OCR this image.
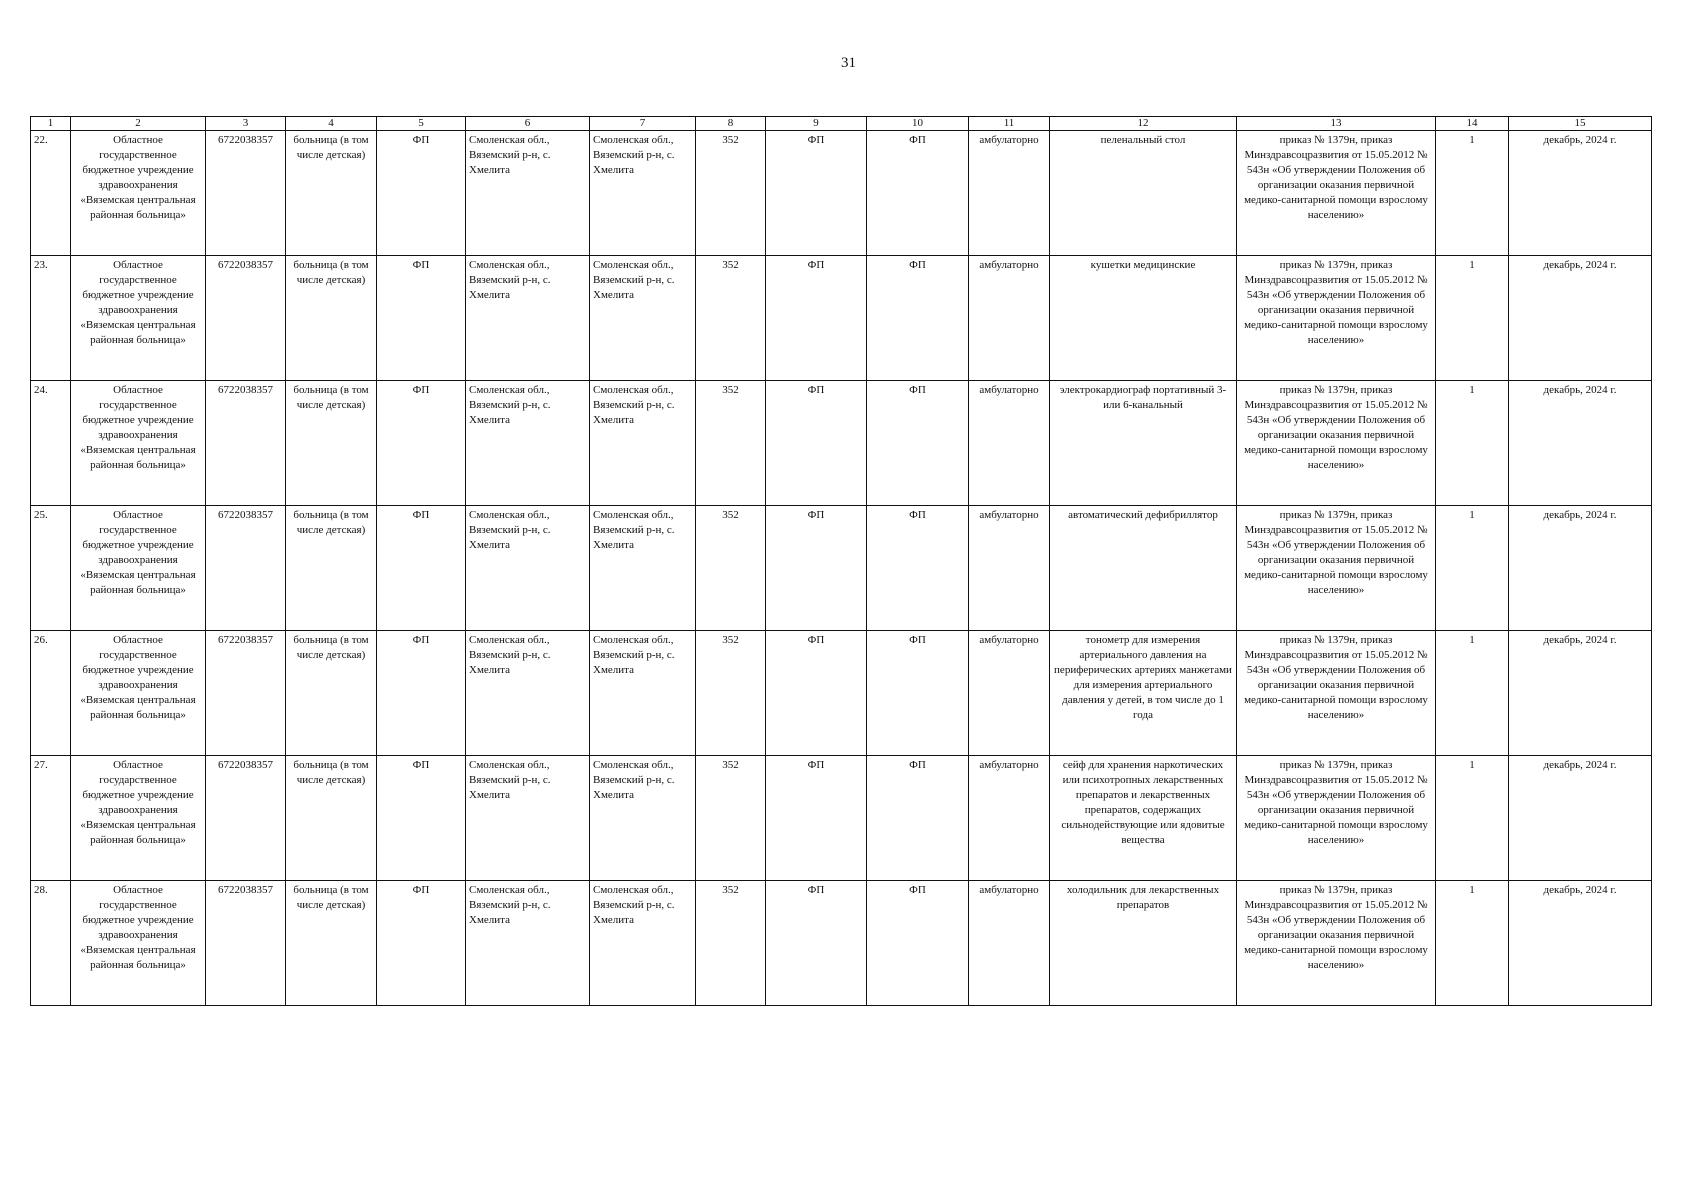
31
1	2	3	4	5	6	7	8	9	10	11	12	13	14	15
22.	Областное государственное бюджетное учреждение здравоохранения «Вяземская центральная районная больница»	6722038357	больница (в том числе детская)	ФП	Смоленская обл., Вяземский р-н, с. Хмелита	Смоленская обл., Вяземский р-н, с. Хмелита	352	ФП	ФП	амбулаторно	пеленальный стол	приказ № 1379н, приказ Минздравсоцразвития от 15.05.2012 № 543н «Об утверждении Положения об организации оказания первичной медико-санитарной помощи взрослому населению»	1	декабрь, 2024 г.
23.	Областное государственное бюджетное учреждение здравоохранения «Вяземская центральная районная больница»	6722038357	больница (в том числе детская)	ФП	Смоленская обл., Вяземский р-н, с. Хмелита	Смоленская обл., Вяземский р-н, с. Хмелита	352	ФП	ФП	амбулаторно	кушетки медицинские	приказ № 1379н, приказ Минздравсоцразвития от 15.05.2012 № 543н «Об утверждении Положения об организации оказания первичной медико-санитарной помощи взрослому населению»	1	декабрь, 2024 г.
24.	Областное государственное бюджетное учреждение здравоохранения «Вяземская центральная районная больница»	6722038357	больница (в том числе детская)	ФП	Смоленская обл., Вяземский р-н, с. Хмелита	Смоленская обл., Вяземский р-н, с. Хмелита	352	ФП	ФП	амбулаторно	электрокардиограф портативный 3- или 6-канальный	приказ № 1379н, приказ Минздравсоцразвития от 15.05.2012 № 543н «Об утверждении Положения об организации оказания первичной медико-санитарной помощи взрослому населению»	1	декабрь, 2024 г.
25.	Областное государственное бюджетное учреждение здравоохранения «Вяземская центральная районная больница»	6722038357	больница (в том числе детская)	ФП	Смоленская обл., Вяземский р-н, с. Хмелита	Смоленская обл., Вяземский р-н, с. Хмелита	352	ФП	ФП	амбулаторно	автоматический дефибриллятор	приказ № 1379н, приказ Минздравсоцразвития от 15.05.2012 № 543н «Об утверждении Положения об организации оказания первичной медико-санитарной помощи взрослому населению»	1	декабрь, 2024 г.
26.	Областное государственное бюджетное учреждение здравоохранения «Вяземская центральная районная больница»	6722038357	больница (в том числе детская)	ФП	Смоленская обл., Вяземский р-н, с. Хмелита	Смоленская обл., Вяземский р-н, с. Хмелита	352	ФП	ФП	амбулаторно	тонометр для измерения артериального давления на периферических артериях манжетами для измерения артериального давления у детей, в том числе до 1 года	приказ № 1379н, приказ Минздравсоцразвития от 15.05.2012 № 543н «Об утверждении Положения об организации оказания первичной медико-санитарной помощи взрослому населению»	1	декабрь, 2024 г.
27.	Областное государственное бюджетное учреждение здравоохранения «Вяземская центральная районная больница»	6722038357	больница (в том числе детская)	ФП	Смоленская обл., Вяземский р-н, с. Хмелита	Смоленская обл., Вяземский р-н, с. Хмелита	352	ФП	ФП	амбулаторно	сейф для хранения наркотических или психотропных лекарственных препаратов и лекарственных препаратов, содержащих сильнодействующие или ядовитые вещества	приказ № 1379н, приказ Минздравсоцразвития от 15.05.2012 № 543н «Об утверждении Положения об организации оказания первичной медико-санитарной помощи взрослому населению»	1	декабрь, 2024 г.
28.	Областное государственное бюджетное учреждение здравоохранения «Вяземская центральная районная больница»	6722038357	больница (в том числе детская)	ФП	Смоленская обл., Вяземский р-н, с. Хмелита	Смоленская обл., Вяземский р-н, с. Хмелита	352	ФП	ФП	амбулаторно	холодильник для лекарственных препаратов	приказ № 1379н, приказ Минздравсоцразвития от 15.05.2012 № 543н «Об утверждении Положения об организации оказания первичной медико-санитарной помощи взрослому населению»	1	декабрь, 2024 г.
